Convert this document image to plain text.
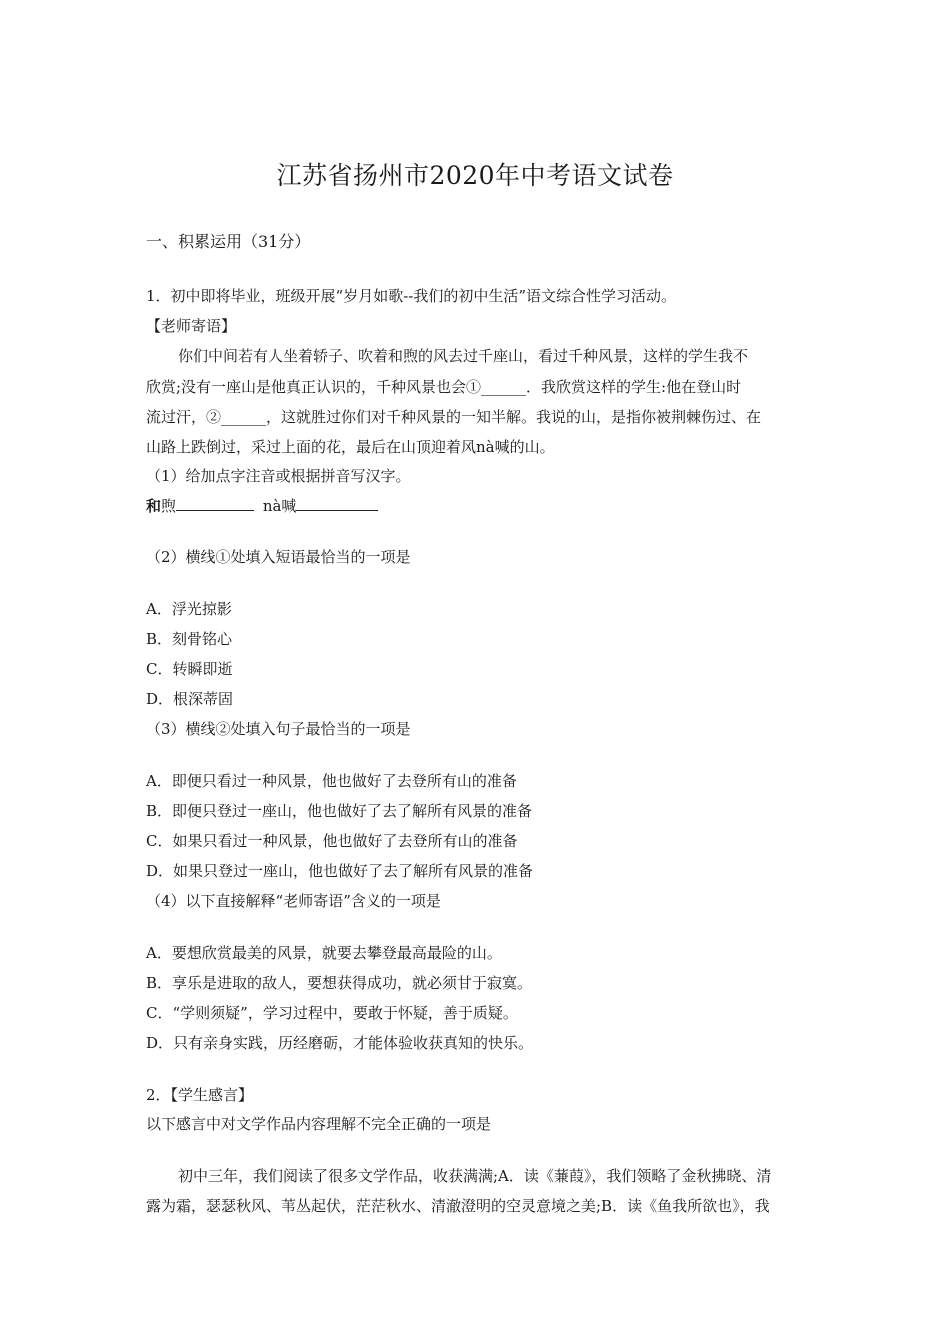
江苏省扬州市2020年中考语文试卷
一、积累运用（31分）
1．初中即将毕业，班级开展“岁月如歌--我们的初中生活”语文综合性学习活动。
【老师寄语】
你们中间若有人坐着轿子、吹着和煦的风去过千座山，看过千种风景，这样的学生我不
欣赏;没有一座山是他真正认识的，千种风景也会①______．我欣赏这样的学生:他在登山时
流过汗，②______，这就胜过你们对千种风景的一知半解。我说的山，是指你被荆棘伤过、在
山路上跌倒过，采过上面的花，最后在山顶迎着风nà喊的山。
（1）给加点字注音或根据拼音写汉字。
和煦	nà喊
（2）横线①处填入短语最恰当的一项是
A．浮光掠影
B．刻骨铭心
C．转瞬即逝
D．根深蒂固
（3）横线②处填入句子最恰当的一项是
A．即便只看过一种风景，他也做好了去登所有山的准备
B．即便只登过一座山，他也做好了去了解所有风景的准备
C．如果只看过一种风景，他也做好了去登所有山的准备
D．如果只登过一座山，他也做好了去了解所有风景的准备
（4）以下直接解释“老师寄语”含义的一项是
A．要想欣赏最美的风景，就要去攀登最高最险的山。
B．享乐是进取的敌人，要想获得成功，就必须甘于寂寞。
C．“学则须疑”，学习过程中，要敢于怀疑，善于质疑。
D．只有亲身实践，历经磨砺，才能体验收获真知的快乐。
2．【学生感言】
以下感言中对文学作品内容理解不完全正确的一项是
初中三年，我们阅读了很多文学作品，收获满满;A．读《蒹葭》，我们领略了金秋拂晓、清
露为霜，瑟瑟秋风、苇丛起伏，茫茫秋水、清澈澄明的空灵意境之美;B．读《鱼我所欲也》，我
